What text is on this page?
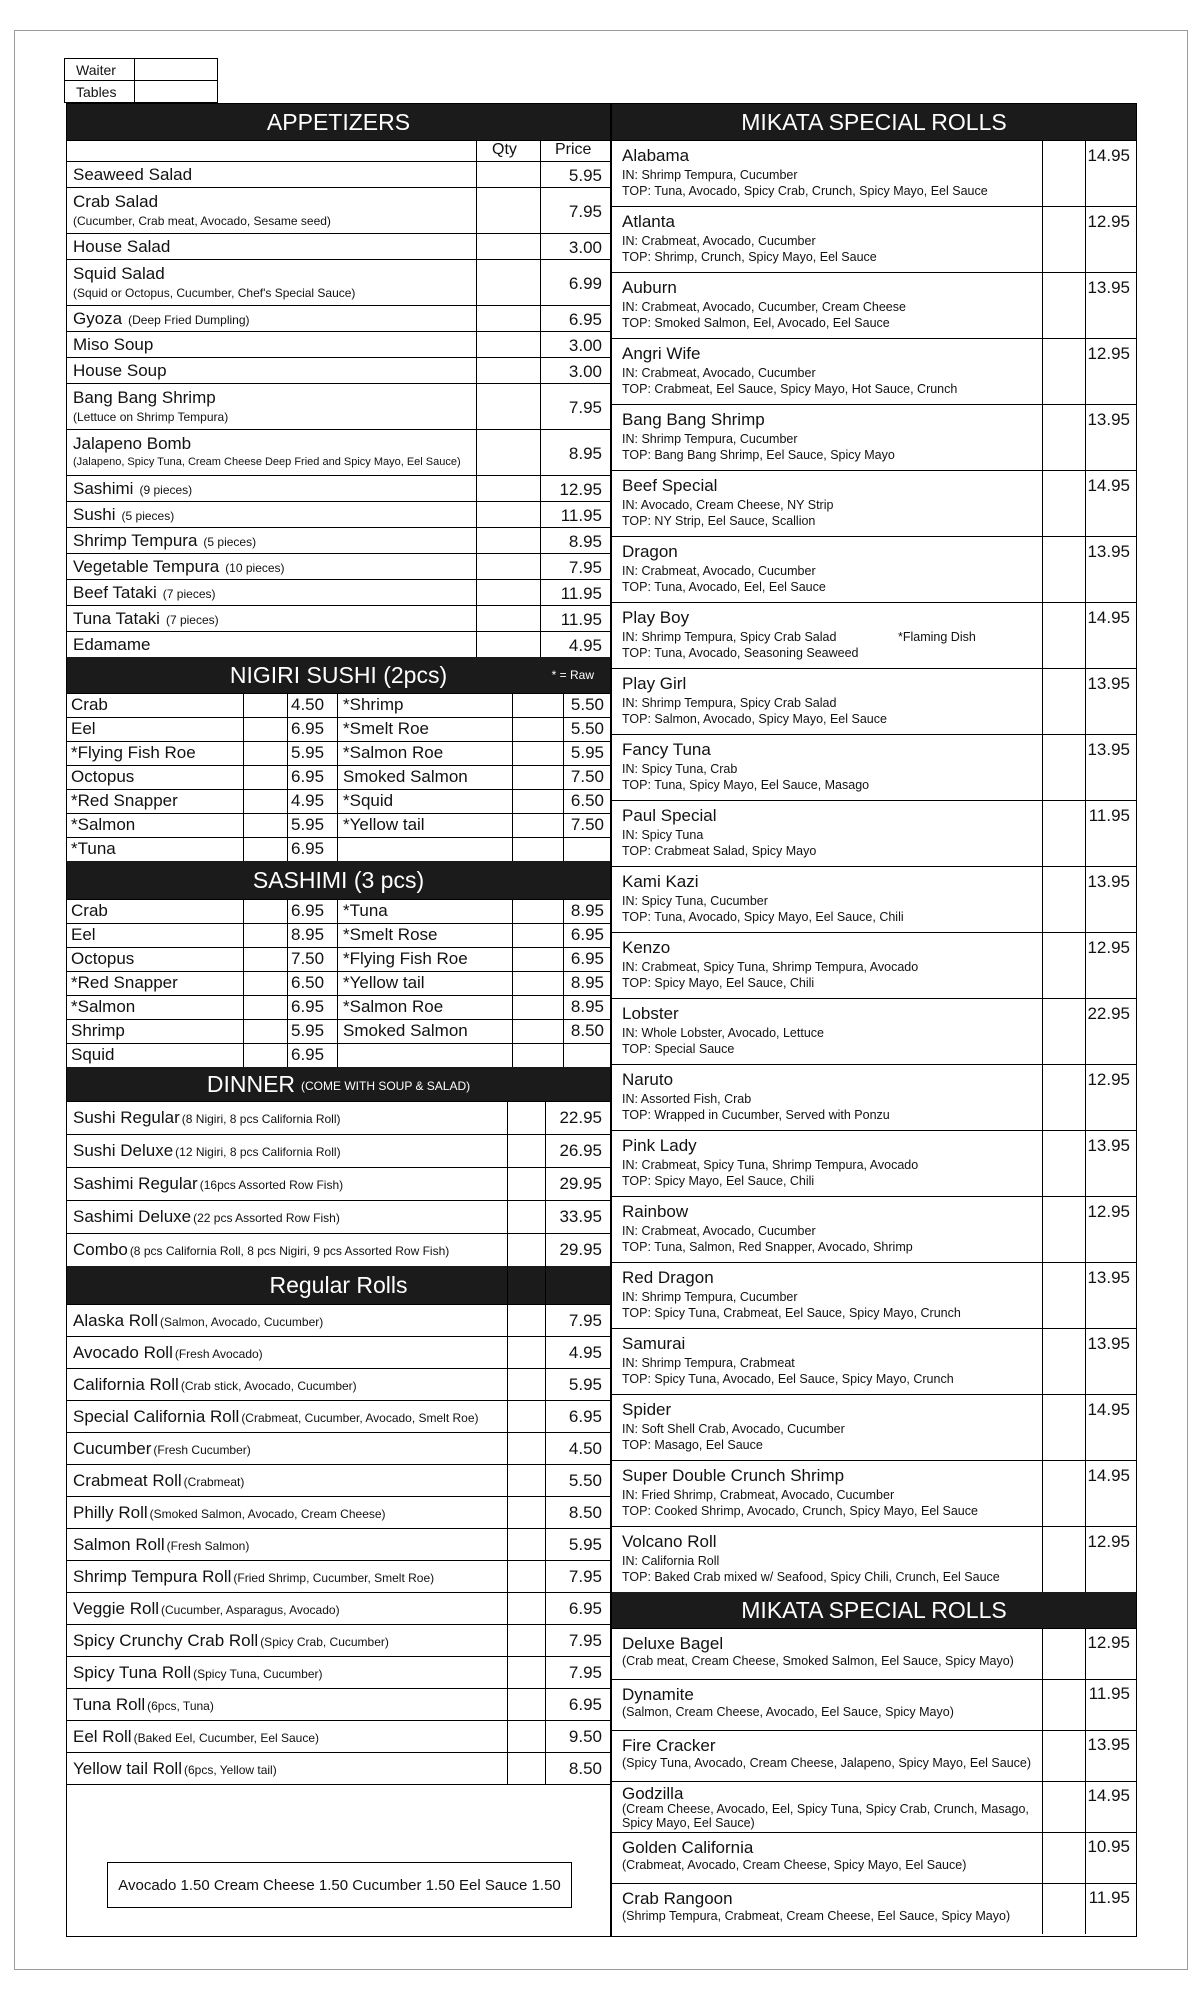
Waiter	
Tables	
APPETIZERS
Qty Price
Seaweed Salad	5.95
Crab Salad
(Cucumber, Crab meat, Avocado, Sesame seed)	7.95
House Salad	3.00
Squid Salad
(Squid or Octopus, Cucumber, Chef's Special Sauce)	6.99
Gyoza (Deep Fried Dumpling)	6.95
Miso Soup	3.00
House Soup	3.00
Bang Bang Shrimp
(Lettuce on Shrimp Tempura)	7.95
Jalapeno Bomb
(Jalapeno, Spicy Tuna, Cream Cheese Deep Fried and Spicy Mayo, Eel Sauce)	8.95
Sashimi (9 pieces)	12.95
Sushi (5 pieces)	11.95
Shrimp Tempura (5 pieces)	8.95
Vegetable Tempura (10 pieces)	7.95
Beef Tataki (7 pieces)	11.95
Tuna Tataki (7 pieces)	11.95
Edamame	4.95
NIGIRI SUSHI (2pcs)	* = Raw
Crab	4.50 *Shrimp	5.50
Eel	6.95 *Smelt Roe	5.50
*Flying Fish Roe	5.95 *Salmon Roe	5.95
Octopus	6.95 Smoked Salmon	7.50
*Red Snapper	4.95 *Squid	6.50
*Salmon	5.95 *Yellow tail	7.50
*Tuna	6.95
SASHIMI (3 pcs)
Crab	6.95 *Tuna	8.95
Eel	8.95 *Smelt Rose	6.95
Octopus	7.50 *Flying Fish Roe	6.95
*Red Snapper	6.50 *Yellow tail	8.95
*Salmon	6.95 *Salmon Roe	8.95
Shrimp	5.95 Smoked Salmon	8.50
Squid	6.95
DINNER (COME WITH SOUP & SALAD)
Sushi Regular (8 Nigiri, 8 pcs California Roll)	22.95
Sushi Deluxe (12 Nigiri, 8 pcs California Roll)	26.95
Sashimi Regular (16pcs Assorted Row Fish)	29.95
Sashimi Deluxe (22 pcs Assorted Row Fish)	33.95
Combo (8 pcs California Roll, 8 pcs Nigiri, 9 pcs Assorted Row Fish)	29.95
Regular Rolls
Alaska Roll (Salmon, Avocado, Cucumber)	7.95
Avocado Roll (Fresh Avocado)	4.95
California Roll (Crab stick, Avocado, Cucumber)	5.95
Special California Roll (Crabmeat, Cucumber, Avocado, Smelt Roe)	6.95
Cucumber (Fresh Cucumber)	4.50
Crabmeat Roll (Crabmeat)	5.50
Philly Roll (Smoked Salmon, Avocado, Cream Cheese)	8.50
Salmon Roll (Fresh Salmon)	5.95
Shrimp Tempura Roll (Fried Shrimp, Cucumber, Smelt Roe)	7.95
Veggie Roll (Cucumber, Asparagus, Avocado)	6.95
Spicy Crunchy Crab Roll (Spicy Crab, Cucumber)	7.95
Spicy Tuna Roll (Spicy Tuna, Cucumber)	7.95
Tuna Roll (6pcs, Tuna)	6.95
Eel Roll (Baked Eel, Cucumber, Eel Sauce)	9.50
Yellow tail Roll (6pcs, Yellow tail)	8.50
Avocado 1.50 Cream Cheese 1.50 Cucumber 1.50 Eel Sauce 1.50
MIKATA SPECIAL ROLLS
Alabama
IN: Shrimp Tempura, Cucumber
TOP: Tuna, Avocado, Spicy Crab, Crunch, Spicy Mayo, Eel Sauce
14.95
Atlanta
IN: Crabmeat, Avocado, Cucumber
TOP: Shrimp, Crunch, Spicy Mayo, Eel Sauce
12.95
Auburn
IN: Crabmeat, Avocado, Cucumber, Cream Cheese
TOP: Smoked Salmon, Eel, Avocado, Eel Sauce
13.95
Angri Wife
IN: Crabmeat, Avocado, Cucumber
TOP: Crabmeat, Eel Sauce, Spicy Mayo, Hot Sauce, Crunch
12.95
Bang Bang Shrimp
IN: Shrimp Tempura, Cucumber
TOP: Bang Bang Shrimp, Eel Sauce, Spicy Mayo
13.95
Beef Special
IN: Avocado, Cream Cheese, NY Strip
TOP: NY Strip, Eel Sauce, Scallion
14.95
Dragon
IN: Crabmeat, Avocado, Cucumber
TOP: Tuna, Avocado, Eel, Eel Sauce
13.95
Play Boy
IN: Shrimp Tempura, Spicy Crab Salad
TOP: Tuna, Avocado, Seasoning Seaweed
*Flaming Dish
14.95
Play Girl
IN: Shrimp Tempura, Spicy Crab Salad
TOP: Salmon, Avocado, Spicy Mayo, Eel Sauce
13.95
Fancy Tuna
IN: Spicy Tuna, Crab
TOP: Tuna, Spicy Mayo, Eel Sauce, Masago
13.95
Paul Special
IN: Spicy Tuna
TOP: Crabmeat Salad, Spicy Mayo
11.95
Kami Kazi
IN: Spicy Tuna, Cucumber
TOP: Tuna, Avocado, Spicy Mayo, Eel Sauce, Chili
13.95
Kenzo
IN: Crabmeat, Spicy Tuna, Shrimp Tempura, Avocado
TOP: Spicy Mayo, Eel Sauce, Chili
12.95
Lobster
IN: Whole Lobster, Avocado, Lettuce
TOP: Special Sauce
22.95
Naruto
IN: Assorted Fish, Crab
TOP: Wrapped in Cucumber, Served with Ponzu
12.95
Pink Lady
IN: Crabmeat, Spicy Tuna, Shrimp Tempura, Avocado
TOP: Spicy Mayo, Eel Sauce, Chili
13.95
Rainbow
IN: Crabmeat, Avocado, Cucumber
TOP: Tuna, Salmon, Red Snapper, Avocado, Shrimp
12.95
Red Dragon
IN: Shrimp Tempura, Cucumber
TOP: Spicy Tuna, Crabmeat, Eel Sauce, Spicy Mayo, Crunch
13.95
Samurai
IN: Shrimp Tempura, Crabmeat
TOP: Spicy Tuna, Avocado, Eel Sauce, Spicy Mayo, Crunch
13.95
Spider
IN: Soft Shell Crab, Avocado, Cucumber
TOP: Masago, Eel Sauce
14.95
Super Double Crunch Shrimp
IN: Fried Shrimp, Crabmeat, Avocado, Cucumber
TOP: Cooked Shrimp, Avocado, Crunch, Spicy Mayo, Eel Sauce
14.95
Volcano Roll
IN: California Roll
TOP: Baked Crab mixed w/ Seafood, Spicy Chili, Crunch, Eel Sauce
12.95
MIKATA SPECIAL ROLLS
Deluxe Bagel
(Crab meat, Cream Cheese, Smoked Salmon, Eel Sauce, Spicy Mayo)
12.95
Dynamite
(Salmon, Cream Cheese, Avocado, Eel Sauce, Spicy Mayo)
11.95
Fire Cracker
(Spicy Tuna, Avocado, Cream Cheese, Jalapeno, Spicy Mayo, Eel Sauce)
13.95
Godzilla
(Cream Cheese, Avocado, Eel, Spicy Tuna, Spicy Crab, Crunch, Masago,
Spicy Mayo, Eel Sauce)
14.95
Golden California
(Crabmeat, Avocado, Cream Cheese, Spicy Mayo, Eel Sauce)
10.95
Crab Rangoon
(Shrimp Tempura, Crabmeat, Cream Cheese, Eel Sauce, Spicy Mayo)
11.95
